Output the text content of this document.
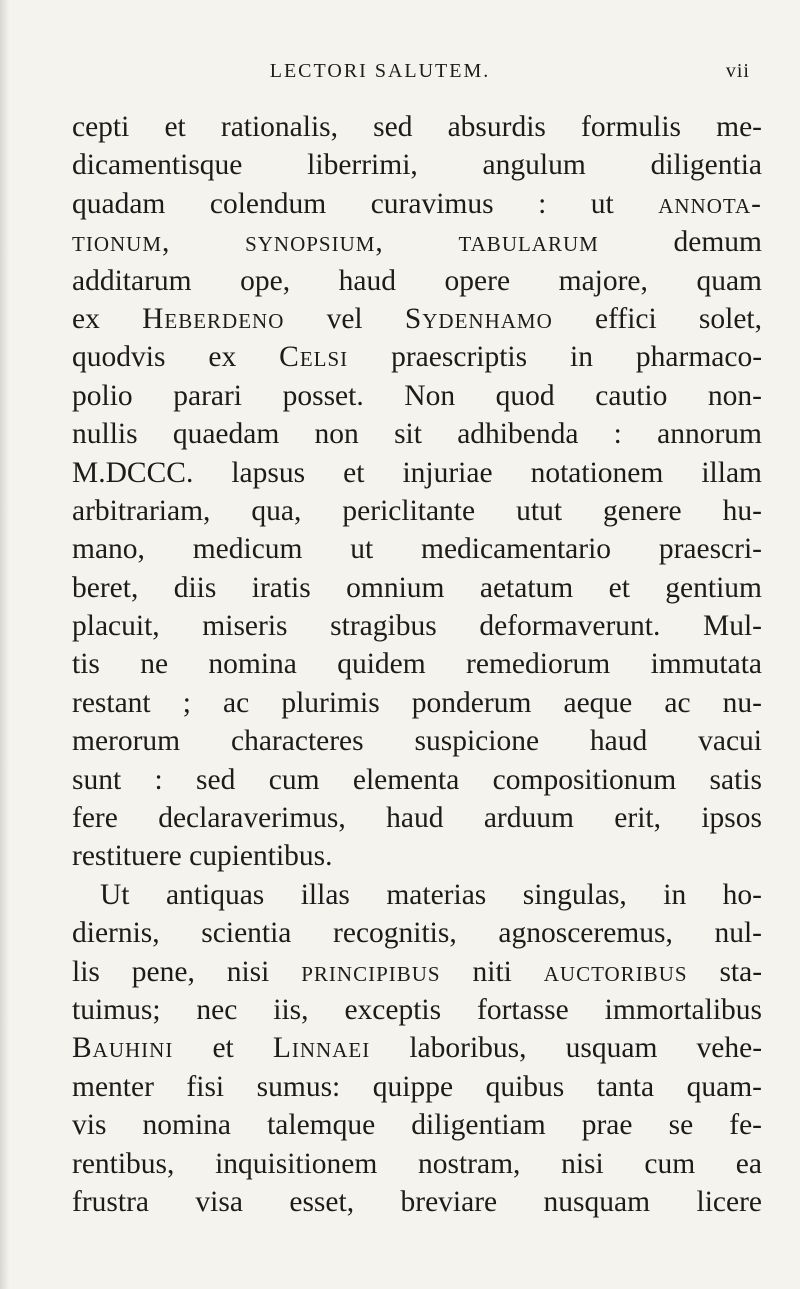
LECTORI SALUTEM.	vii
cepti et rationalis, sed absurdis formulis me-
dicamentisque liberrimi, angulum diligentia
quadam colendum curavimus : ut annota-
tionum,	synopsium,	tabularum	demum
additarum ope, haud opere majore, quam
ex Heberdeno vel Sydenhamo effici solet,
quodvis ex Celsi praescriptis in pharmaco-
polio parari posset. Non quod cautio non-
nullis quaedam non sit adhibenda : annorum
M.DCCC. lapsus et injuriae notationem illam
arbitrariam, qua, periclitante utut genere hu-
mano, medicum ut medicamentario praescri-
beret, diis iratis omnium aetatum et gentium
placuit, miseris stragibus deformaverunt. Mul-
tis ne nomina quidem remediorum immutata
restant ; ac plurimis ponderum aeque ac nu-
merorum characteres suspicione haud vacui
sunt : sed cum elementa compositionum satis
fere declaraverimus, haud arduum erit, ipsos
restituere cupientibus.
Ut antiquas illas materias singulas, in ho-
diernis, scientia recognitis, agnosceremus, nul-
lis pene, nisi principibus niti auctoribus sta-
tuimus; nec iis, exceptis fortasse immortalibus
Bauhini et Linnaei laboribus, usquam vehe-
menter fisi sumus: quippe quibus tanta quam-
vis nomina talemque diligentiam prae se fe-
rentibus, inquisitionem nostram, nisi cum ea
frustra visa esset, breviare nusquam licere
